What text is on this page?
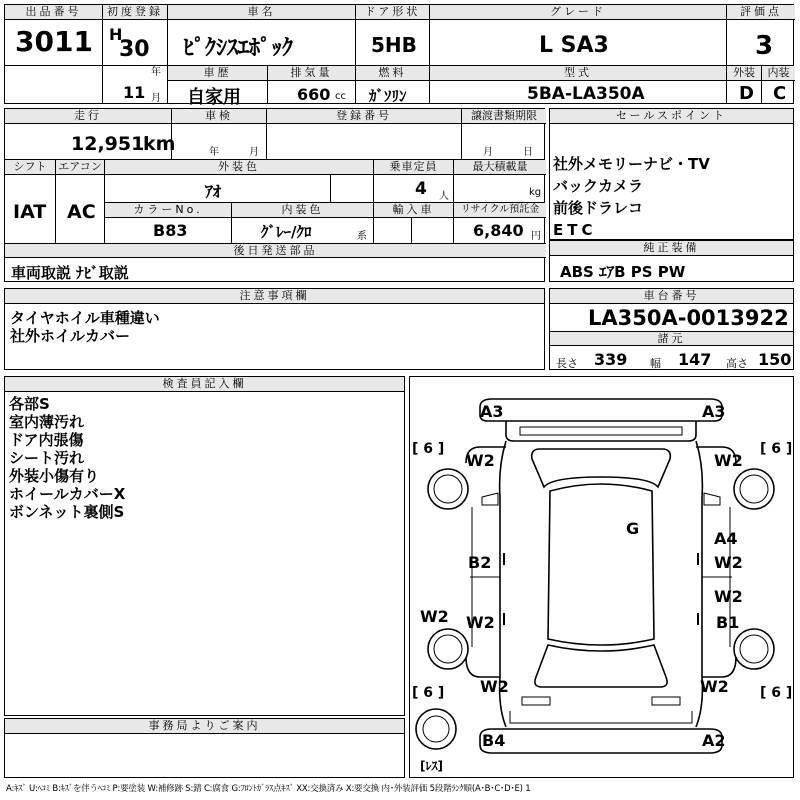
出品番号
3011
初度登録
H
30
年
11 月
車名
ﾋﾟｸｼｽｴﾎﾟｯｸ
ドア形状
5HB
グレード
L SA3
評価点
3
車歴
自家用
排気量
660 cc
燃料
ｶﾞｿﾘﾝ
型式
5BA-LA350A
外装	内装
D C
走行
12,951
km
車検
年	月
登録番号	譲渡書類期限
月	日
シフト	エアコン
IAT AC
外装色
ｱｵ
乗車定員
4 人
最大積載量
kg
カラーNo.
B83
内装色
ｸﾞﾚｰ/ｸﾛ	系
輸入車	リサイクル預託金
6,840 円
後日発送部品
車両取説 ﾅﾋﾞ取説
セールスポイント
社外メモリーナビ・TV
バックカメラ
前後ドラレコ
ETC
純正装備
ABS ｴｱB PS PW
注意事項欄
タイヤホイル車種違い
社外ホイルカバー
車台番号
LA350A-0013922
諸元
長さ 339 幅 147 高さ 150
検査員記入欄
各部S
室内薄汚れ
ドア内張傷
シート汚れ
外装小傷有り
ホイールカバーX
ボンネット裏側S
事務局よりご案内
A3	A3
[ 6 ]	[ 6 ]
W2	W2
G
B2
A4
W2
W2
W2 W2	B1
[ 6 ]	[ 6 ]
W2	W2
B4	A2
[ﾚｽ]
A:ｷｽﾞ U:ﾍｺﾐ B:ｷｽﾞを伴うﾍｺﾐ P:要塗装 W:補修跡 S:錆 C:腐食 G:ﾌﾛﾝﾄｶﾞﾗｽ点ｷｽﾞ XX:交換済み X:要交換 内･外装評価 5段階ﾗﾝｸ順(A･B･C･D･E) 1
